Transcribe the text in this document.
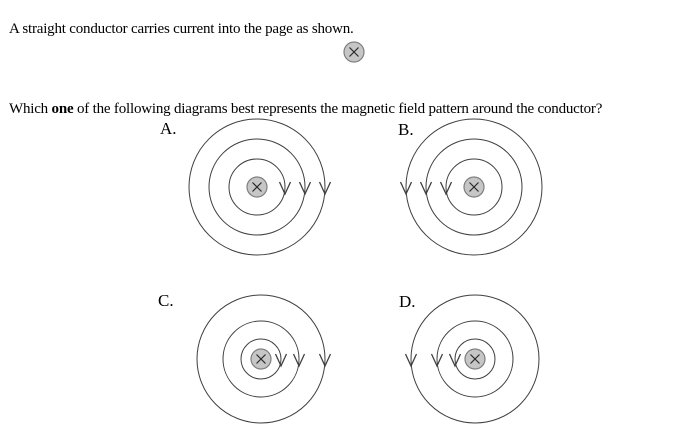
A straight conductor carries current into the page as shown.

Which one of the following diagrams best represents the magnetic field pattern around the conductor?

A.	B.
C.	D.
